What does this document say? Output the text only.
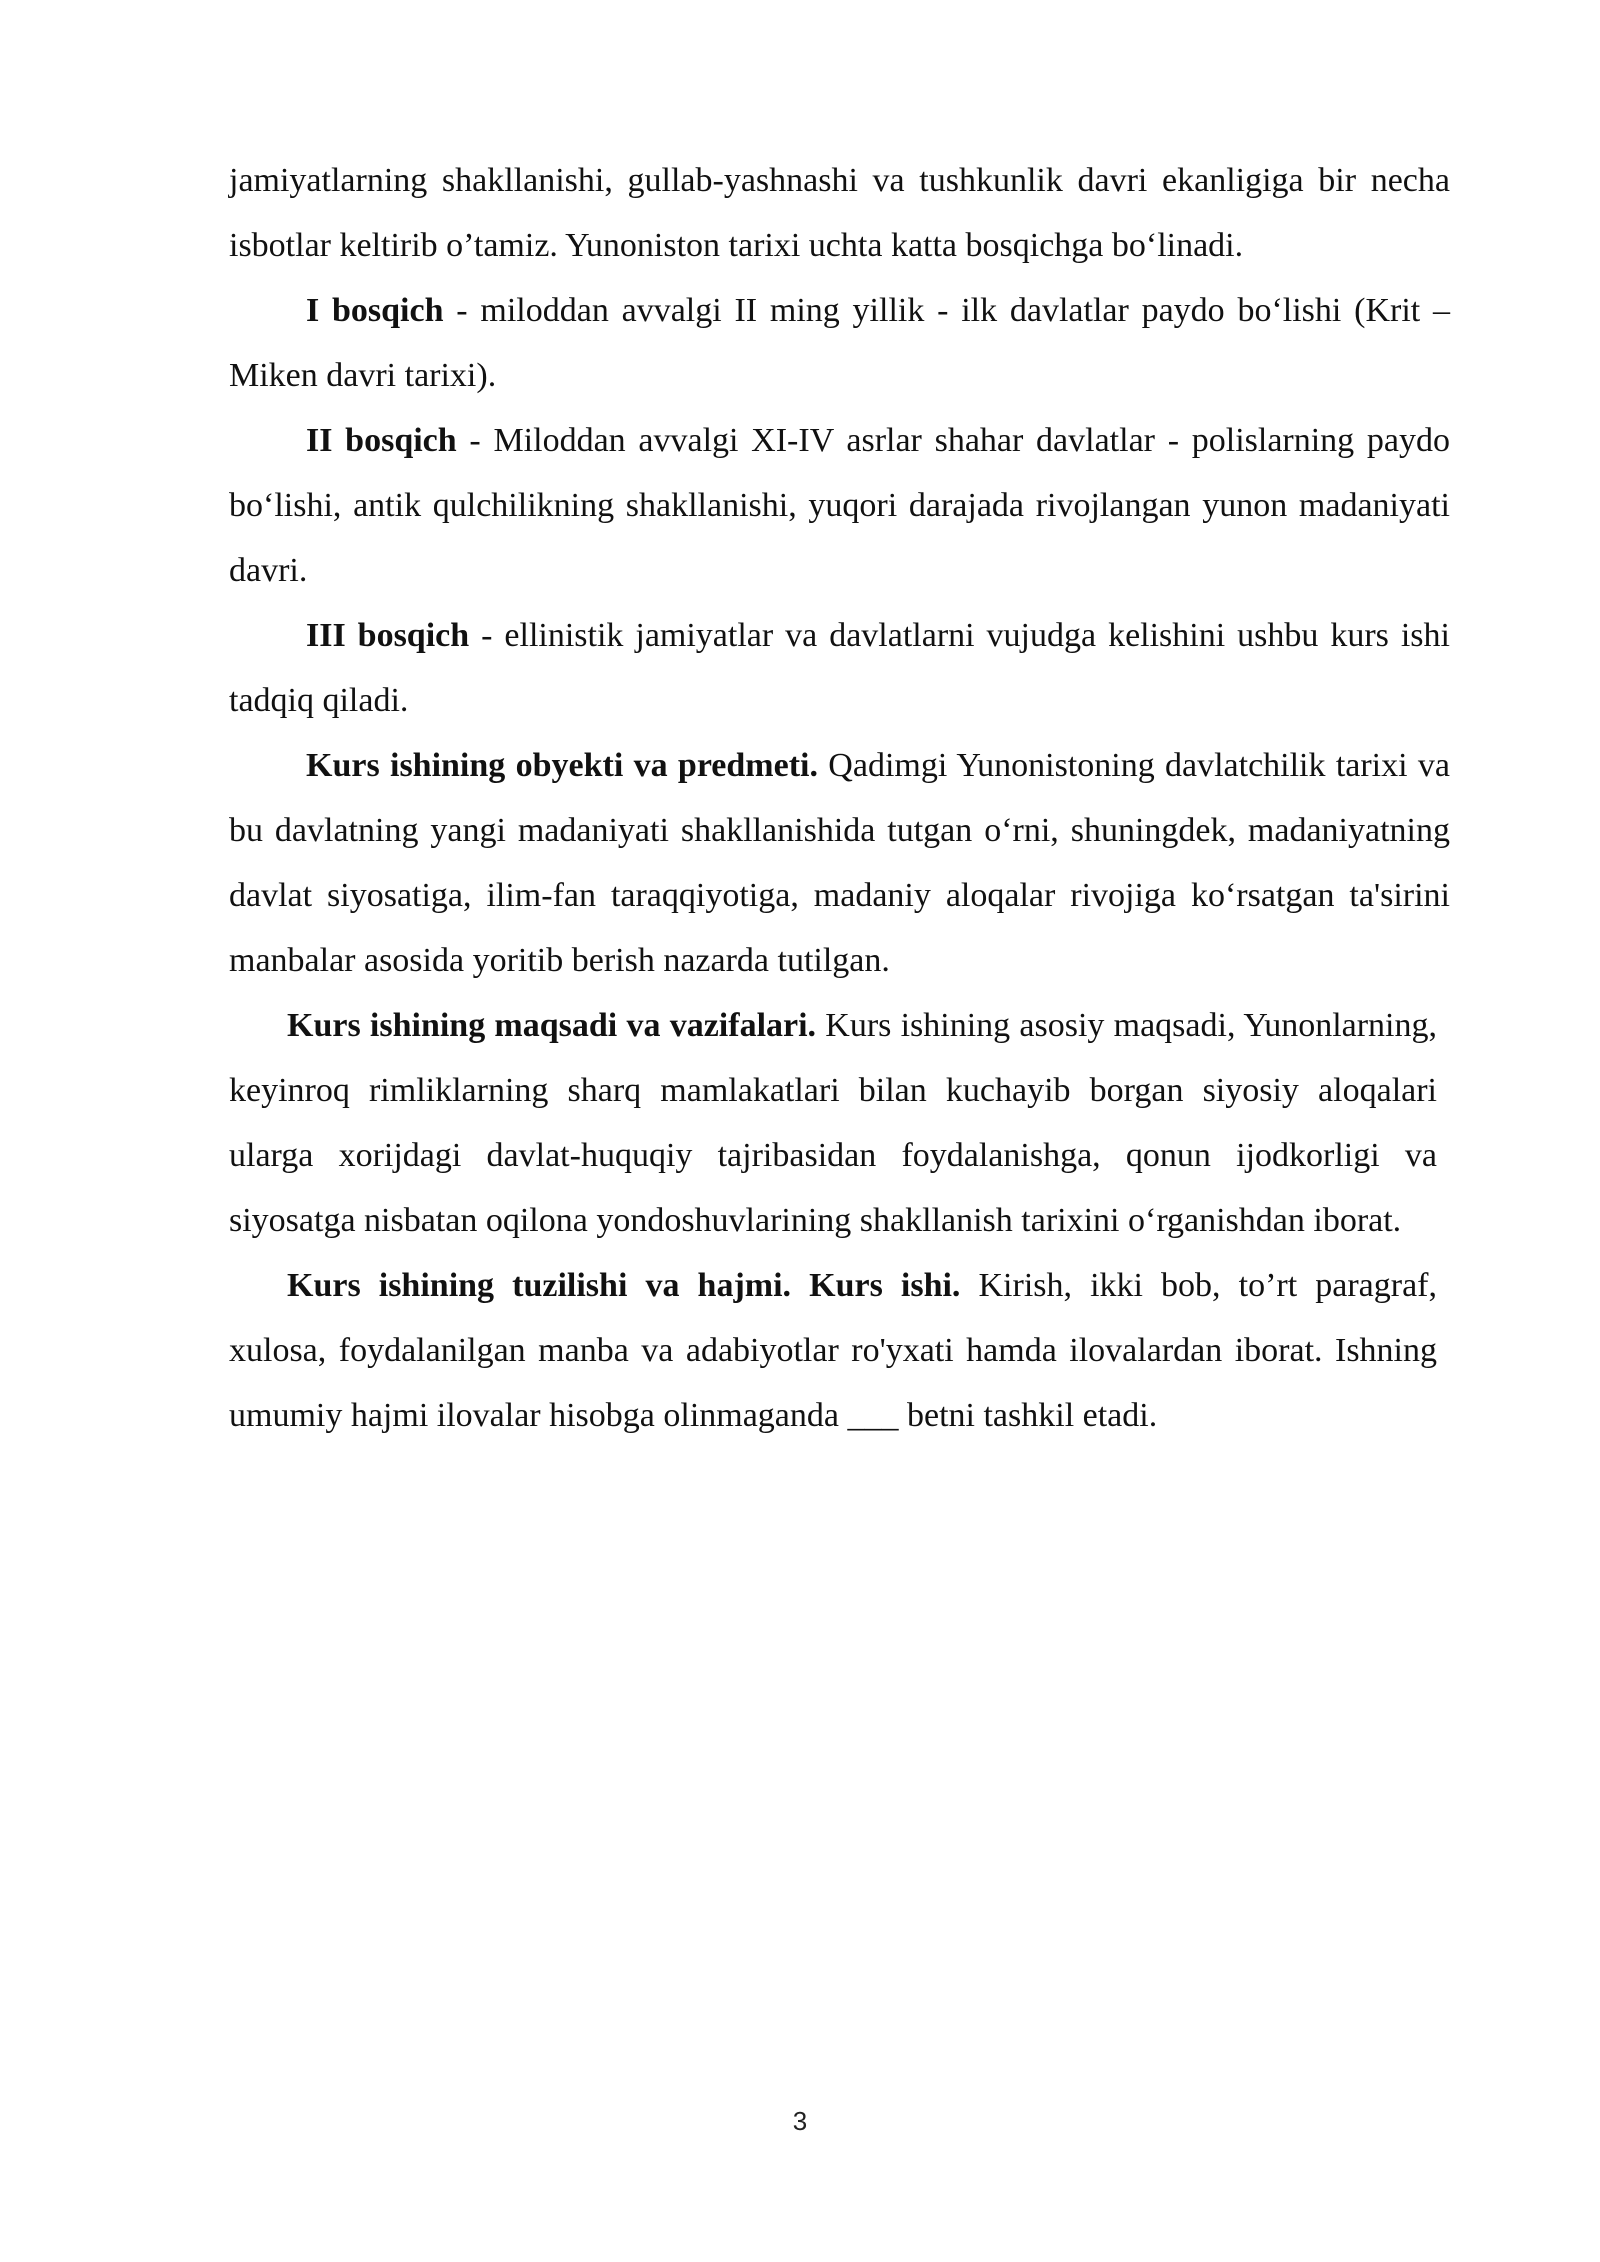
jamiyatlarning shakllanishi, gullab-yashnashi va tushkunlik davri ekanligiga bir necha isbotlar keltirib o’tamiz. Yunoniston tarixi uchta katta bosqichga bo‘linadi.

I bosqich - miloddan avvalgi II ming yillik - ilk davlatlar paydo bo‘lishi (Krit – Miken davri tarixi).

II bosqich - Miloddan avvalgi XI-IV asrlar shahar davlatlar - polislarning paydo bo‘lishi, antik qulchilikning shakllanishi, yuqori darajada rivojlangan yunon madaniyati davri.

III bosqich - ellinistik jamiyatlar va davlatlarni vujudga kelishini ushbu kurs ishi tadqiq qiladi.

Kurs ishining obyekti va predmeti. Qadimgi Yunonistoning davlatchilik tarixi va bu davlatning yangi madaniyati shakllanishida tutgan o‘rni, shuningdek, madaniyatning davlat siyosatiga, ilim-fan taraqqiyotiga, madaniy aloqalar rivojiga ko‘rsatgan ta'sirini manbalar asosida yoritib berish nazarda tutilgan.

Kurs ishining maqsadi va vazifalari. Kurs ishining asosiy maqsadi, Yunonlarning, keyinroq rimliklarning sharq mamlakatlari bilan kuchayib borgan siyosiy aloqalari ularga xorijdagi davlat-huquqiy tajribasidan foydalanishga, qonun ijodkorligi va siyosatga nisbatan oqilona yondoshuvlarining shakllanish tarixini o‘rganishdan iborat.

Kurs ishining tuzilishi va hajmi. Kurs ishi. Kirish, ikki bob, to’rt paragraf, xulosa, foydalanilgan manba va adabiyotlar ro'yxati hamda ilovalardan iborat. Ishning umumiy hajmi ilovalar hisobga olinmaganda ___ betni tashkil etadi.

3
